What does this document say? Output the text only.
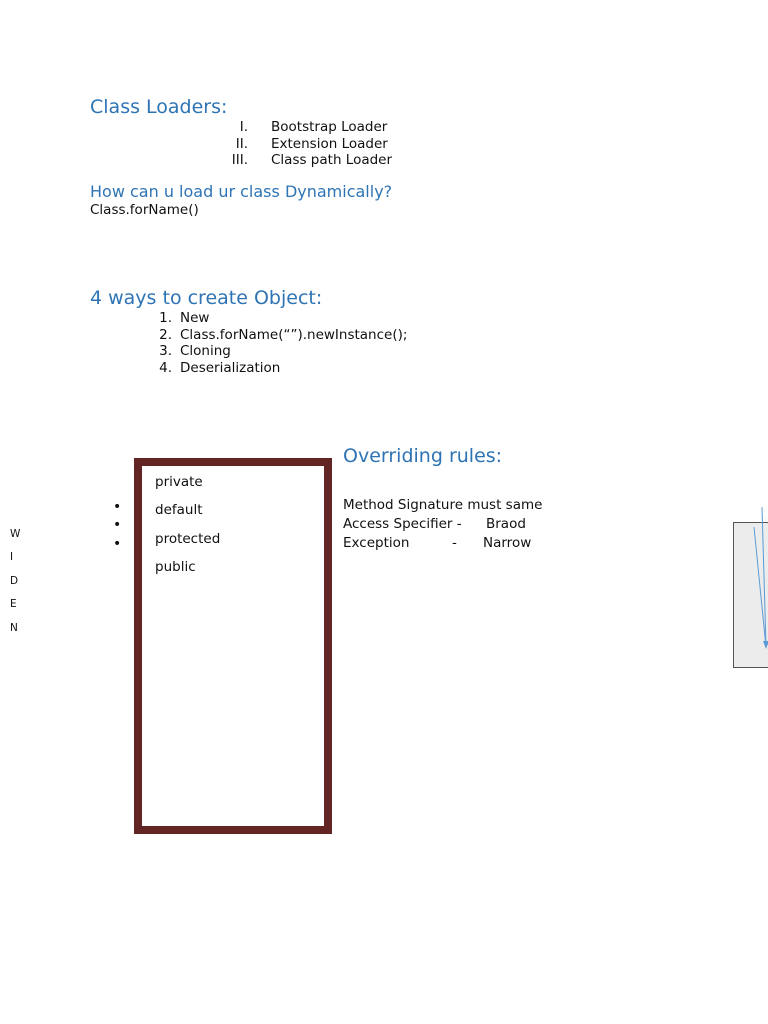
Class Loaders:
I. Bootstrap Loader
II. Extension Loader
III. Class path Loader
How can u load ur class Dynamically?
Class.forName()
4 ways to create Object:
1. New
2. Class.forName(“”).newInstance();
3. Cloning
4. Deserialization
•
•
•
private
default
protected
public
Overriding rules:
Method Signature must same
Access Specifier - Braod
Exception	- Narrow
W
I
D
E
N
